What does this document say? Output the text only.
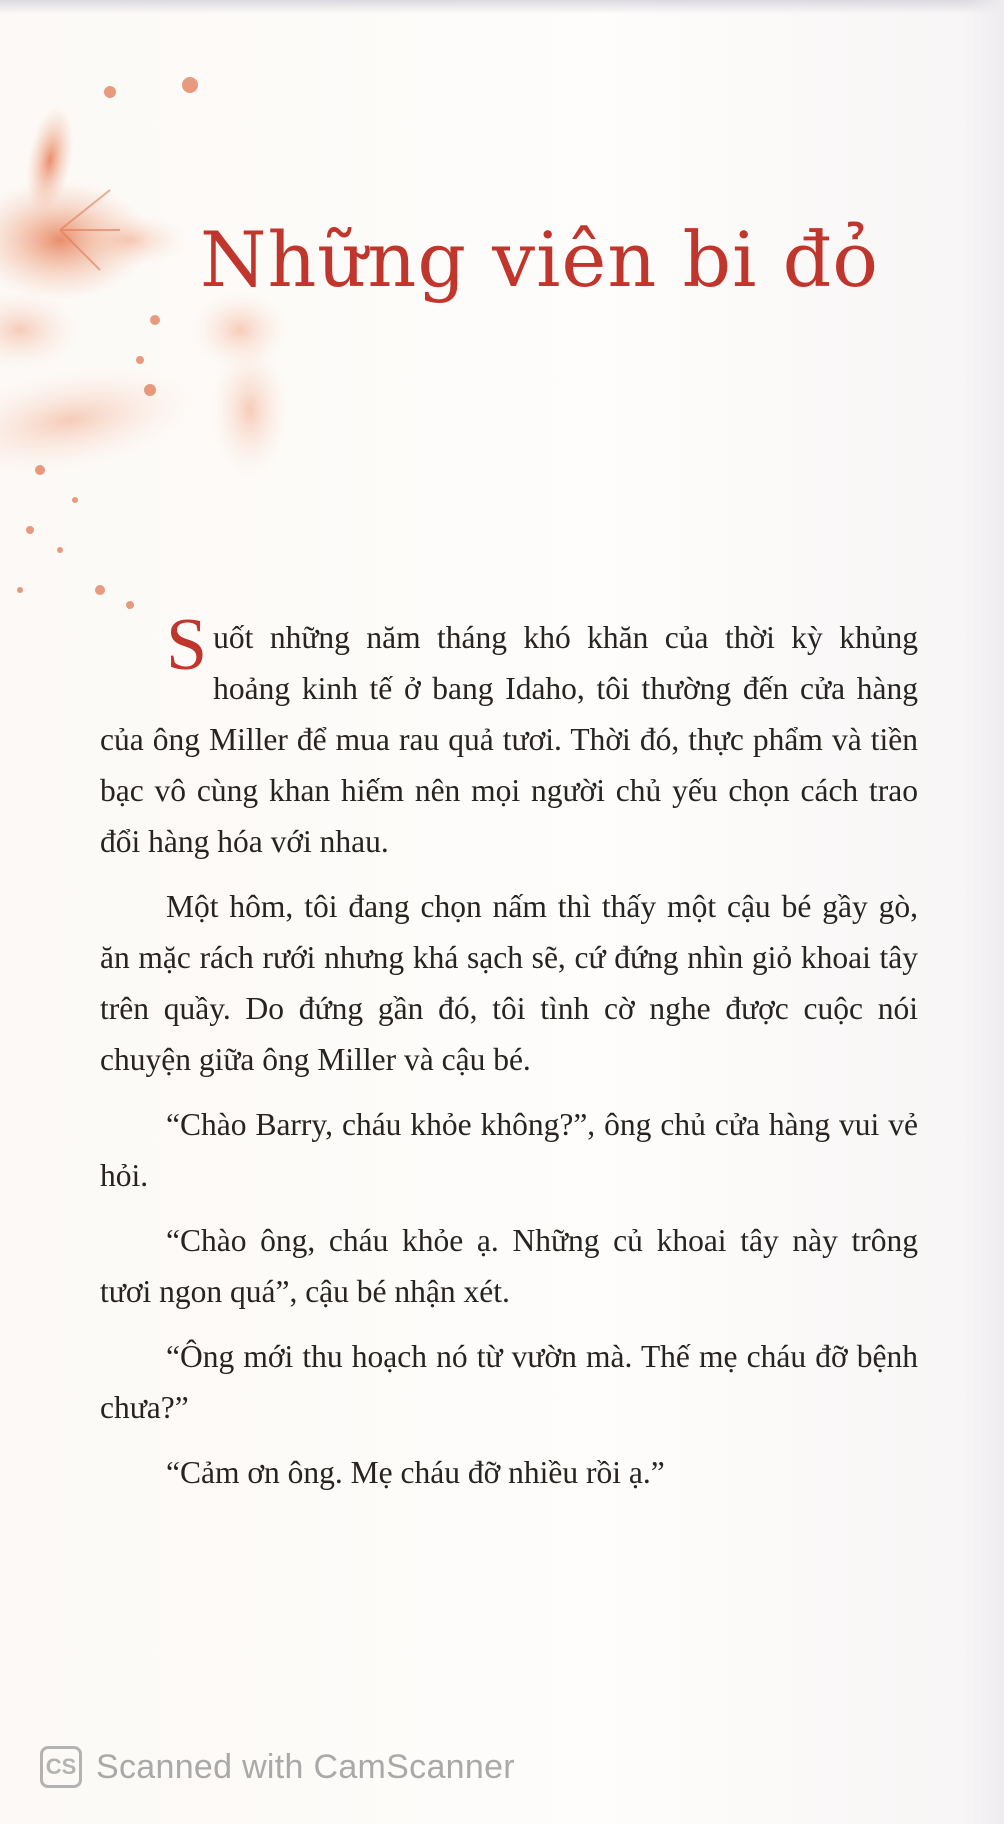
Những viên bi đỏ

Suốt những năm tháng khó khăn của thời kỳ khủng hoảng kinh tế ở bang Idaho, tôi thường đến cửa hàng của ông Miller để mua rau quả tươi. Thời đó, thực phẩm và tiền bạc vô cùng khan hiếm nên mọi người chủ yếu chọn cách trao đổi hàng hóa với nhau.

Một hôm, tôi đang chọn nấm thì thấy một cậu bé gầy gò, ăn mặc rách rưới nhưng khá sạch sẽ, cứ đứng nhìn giỏ khoai tây trên quầy. Do đứng gần đó, tôi tình cờ nghe được cuộc nói chuyện giữa ông Miller và cậu bé.

“Chào Barry, cháu khỏe không?”, ông chủ cửa hàng vui vẻ hỏi.

“Chào ông, cháu khỏe ạ. Những củ khoai tây này trông tươi ngon quá”, cậu bé nhận xét.

“Ông mới thu hoạch nó từ vườn mà. Thế mẹ cháu đỡ bệnh chưa?”

“Cảm ơn ông. Mẹ cháu đỡ nhiều rồi ạ.”

CS Scanned with CamScanner
